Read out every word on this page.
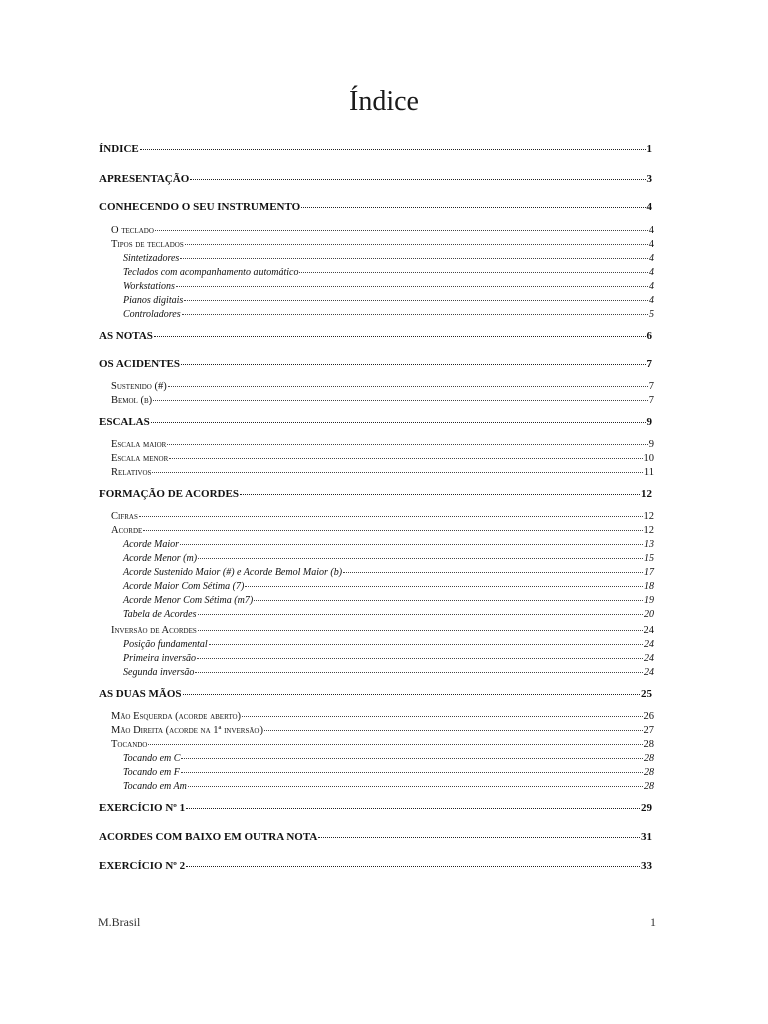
Índice
ÍNDICE	1
APRESENTAÇÃO	3
CONHECENDO O SEU INSTRUMENTO	4
O teclado	4
Tipos de teclados	4
Sintetizadores	4
Teclados com acompanhamento automático	4
Workstations	4
Pianos digitais	4
Controladores	5
AS NOTAS	6
OS ACIDENTES	7
Sustenido (#)	7
Bemol (b)	7
ESCALAS	9
Escala maior	9
Escala menor	10
Relativos	11
FORMAÇÃO DE ACORDES	12
Cifras	12
Acorde	12
Acorde Maior	13
Acorde Menor (m)	15
Acorde Sustenido Maior (#) e Acorde Bemol Maior (b)	17
Acorde Maior Com Sétima (7)	18
Acorde Menor Com Sétima (m7)	19
Tabela de Acordes	20
Inversão de Acordes	24
Posição fundamental	24
Primeira inversão	24
Segunda inversão	24
AS DUAS MÃOS	25
Mão Esquerda (acorde aberto)	26
Mão Direita (acorde na 1ª inversão)	27
Tocando	28
Tocando em C	28
Tocando em F	28
Tocando em Am	28
EXERCÍCIO Nº 1	29
ACORDES COM BAIXO EM OUTRA NOTA	31
EXERCÍCIO Nº 2	33
M.Brasil	1
